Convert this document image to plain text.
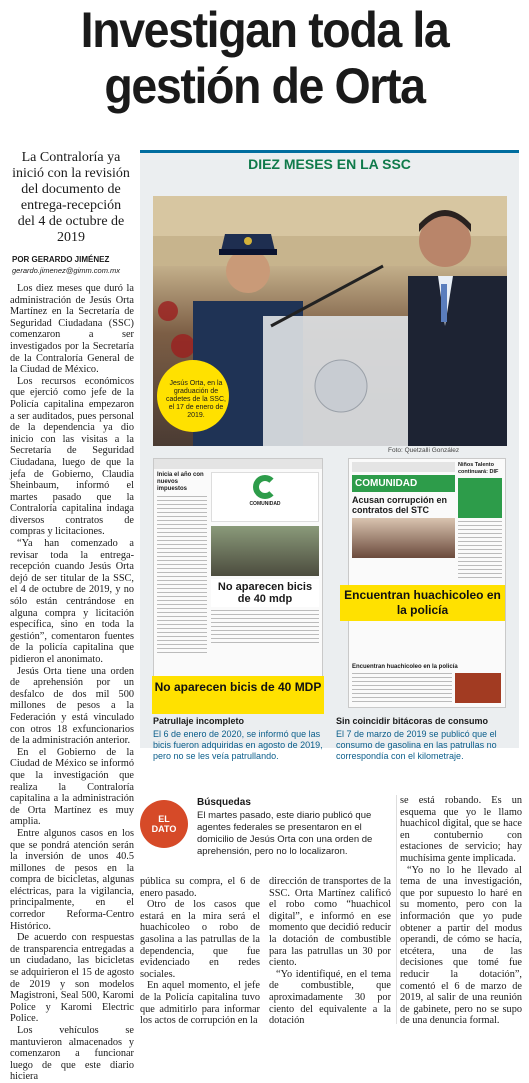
Investigan toda la gestión de Orta
La Contraloría ya inició con la revisión del documento de entrega-recepción del 4 de octubre de 2019
POR GERARDO JIMÉNEZ
gerardo.jimenez@gimm.com.mx

Los diez meses que duró la administración de Jesús Orta Martínez en la Secretaría de Seguridad Ciudadana (SSC) comenzaron a ser investigados por la Secretaría de la Contraloría General de la Ciudad de México.

Los recursos económicos que ejerció como jefe de la Policía capitalina empezaron a ser auditados, pues personal de la dependencia ya dio inicio con las visitas a la Secretaría de Seguridad Ciudadana, luego de que la jefa de Gobierno, Claudia Sheinbaum, informó el martes pasado que la Contraloría capitalina indaga diversos contratos de compras y licitaciones.

“Ya han comenzado a revisar toda la entrega-recepción cuando Jesús Orta dejó de ser titular de la SSC, el 4 de octubre de 2019, y no sólo están centrándose en alguna compra y licitación específica, sino en toda la gestión”, comentaron fuentes de la policía capitalina que pidieron el anonimato.

Jesús Orta tiene una orden de aprehensión por un desfalco de dos mil 500 millones de pesos a la Federación y está vinculado con otros 18 exfuncionarios de la administración anterior.

En el Gobierno de la Ciudad de México se informó que la investigación que realiza la Contraloría capitalina a la administración de Orta Martínez es muy amplia.

Entre algunos casos en los que se pondrá atención serán la inversión de unos 40.5 millones de pesos en la compra de bicicletas, algunas eléctricas, para la vigilancia, principalmente, en el corredor Reforma-Centro Histórico.

De acuerdo con respuestas de transparencia entregadas a un ciudadano, las bicicletas se adquirieron el 15 de agosto de 2019 y son modelos Magistroni, Seal 500, Karomi Police y Karomi Electric Police.

Los vehículos se mantuvieron almacenados y comenzaron a funcionar luego de que este diario hiciera

DIEZ MESES EN LA SSC
Jesús Orta, en la graduación de cadetes de la SSC, el 17 de enero de 2019.
Foto: Quetzalli González
Inicia el año con nuevos impuestos
COMUNIDAD
No aparecen bicis de 40 mdp
No aparecen bicis de 40 MDP
COMUNIDAD
Acusan corrupción en contratos del STC
Niños Talento continuará: DIF
Encuentran huachicoleo en la policía
Encuentran huachicoleo en la policía
Patrullaje incompleto
El 6 de enero de 2020, se informó que las bicis fueron adquiridas en agosto de 2019, pero no se les veía patrullando.
Sin coincidir bitácoras de consumo
El 7 de marzo de 2019 se publicó que el consumo de gasolina en las patrullas no correspondía con el kilometraje.
EL
DATO
Búsquedas
El martes pasado, este diario publicó que agentes federales se presentaron en el domicilio de Jesús Orta con una orden de aprehensión, pero no lo localizaron.

pública su compra, el 6 de enero pasado.

Otro de los casos que estará en la mira será el huachicoleo o robo de gasolina a las patrullas de la dependencia, que fue evidenciado en redes sociales.

En aquel momento, el jefe de la Policía capitalina tuvo que admitirlo para informar los actos de corrupción en la

dirección de transportes de la SSC. Orta Martínez calificó el robo como “huachicol digital”, e informó en ese momento que decidió reducir la dotación de combustible para las patrullas un 30 por ciento.

“Yo identifiqué, en el tema de combustible, que aproximadamente 30 por ciento del equivalente a la dotación

se está robando. Es un esquema que yo le llamo huachicol digital, que se hace en contubernio con estaciones de servicio; hay muchísima gente implicada.

“Yo no lo he llevado al tema de una investigación, que por supuesto lo haré en su momento, pero con la información que yo pude obtener a partir del modus operandi, de cómo se hacía, etcétera, una de las decisiones que tomé fue reducir la dotación”, comentó el 6 de marzo de 2019, al salir de una reunión de gabinete, pero no se supo de una denuncia formal.
